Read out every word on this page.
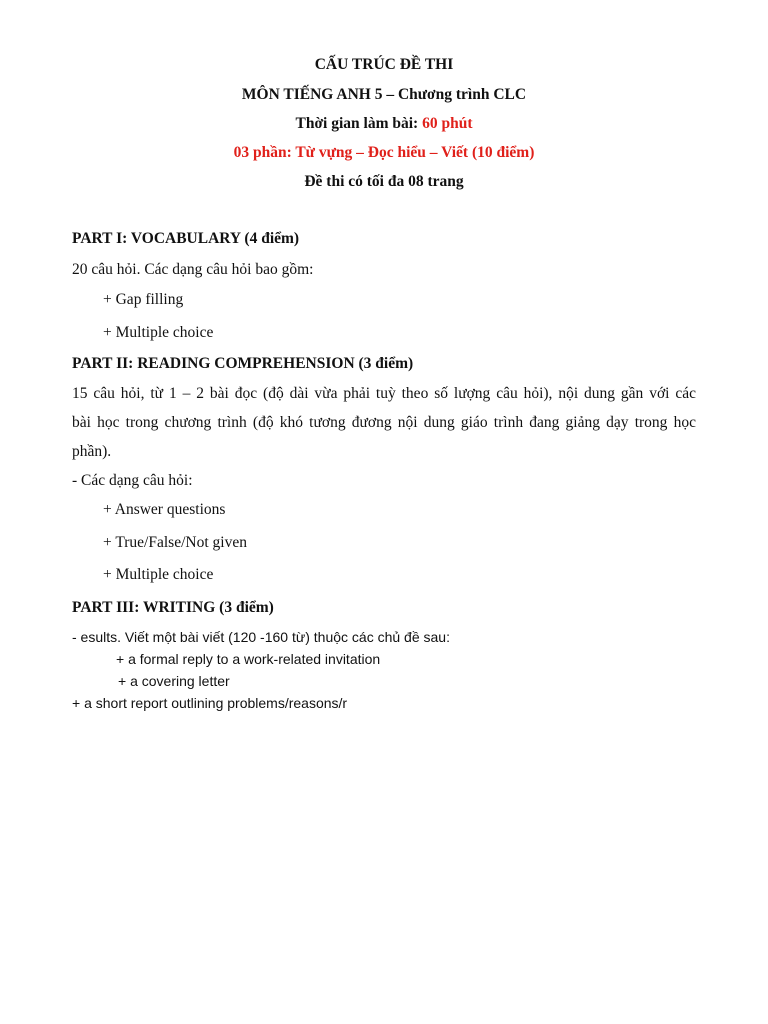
CẤU TRÚC ĐỀ THI
MÔN TIẾNG ANH 5 – Chương trình CLC
Thời gian làm bài: 60 phút
03 phần: Từ vựng – Đọc hiểu – Viết (10 điểm)
Đề thi có tối đa 08 trang
PART I: VOCABULARY (4 điểm)
20 câu hỏi. Các dạng câu hỏi bao gồm:
+ Gap filling
+ Multiple choice
PART II: READING COMPREHENSION (3 điểm)
15 câu hỏi, từ 1 – 2 bài đọc (độ dài vừa phải tuỳ theo số lượng câu hỏi), nội dung gần với các
bài học trong chương trình (độ khó tương đương nội dung giáo trình đang giảng dạy trong học
phần).
- Các dạng câu hỏi:
+ Answer questions
+ True/False/Not given
+ Multiple choice
PART III: WRITING (3 điểm)
- esults. Viết một bài viết (120 -160 từ) thuộc các chủ đề sau:
+ a formal reply to a work-related invitation
+ a covering letter
+ a short report outlining problems/reasons/r
